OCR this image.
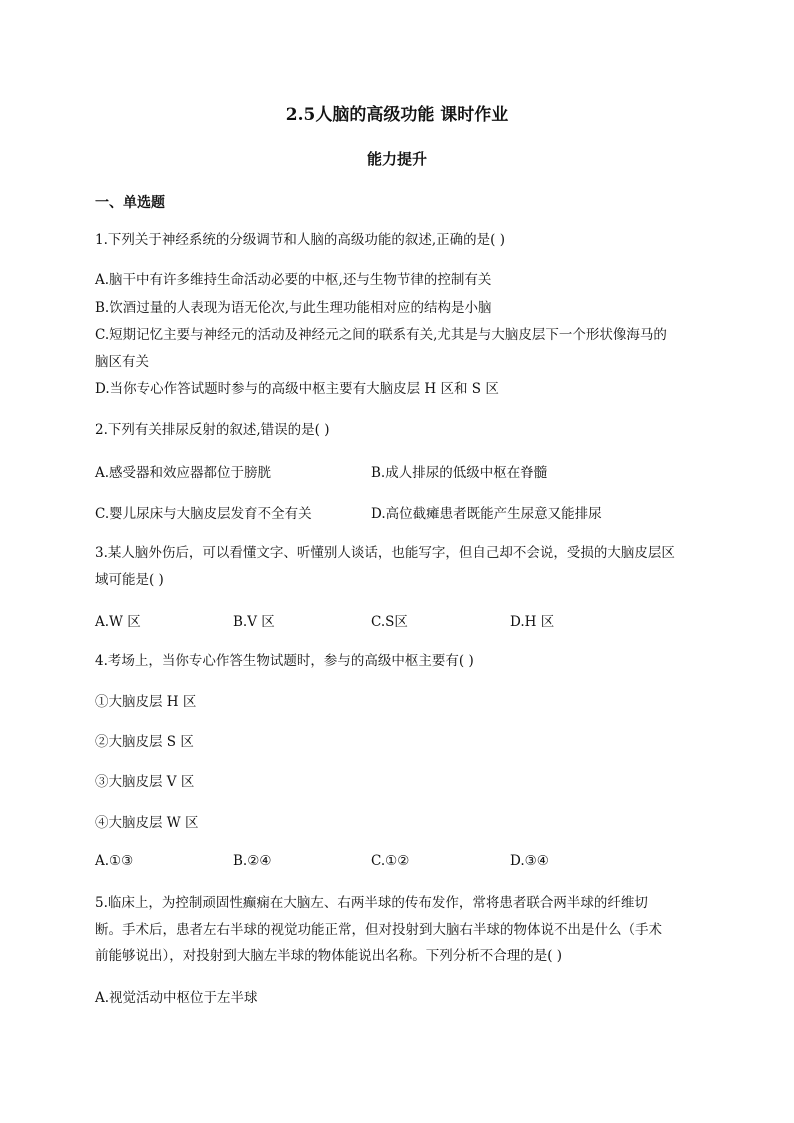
2.5人脑的高级功能 课时作业
能力提升
一、单选题
1.下列关于神经系统的分级调节和人脑的高级功能的叙述,正确的是( )
A.脑干中有许多维持生命活动必要的中枢,还与生物节律的控制有关
B.饮酒过量的人表现为语无伦次,与此生理功能相对应的结构是小脑
C.短期记忆主要与神经元的活动及神经元之间的联系有关,尤其是与大脑皮层下一个形状像海马的
脑区有关
D.当你专心作答试题时参与的高级中枢主要有大脑皮层 H 区和 S 区
2.下列有关排尿反射的叙述,错误的是( )
A.感受器和效应器都位于膀胱	B.成人排尿的低级中枢在脊髓
C.婴儿尿床与大脑皮层发育不全有关	D.高位截瘫患者既能产生尿意又能排尿
3.某人脑外伤后，可以看懂文字、听懂别人谈话，也能写字，但自己却不会说，受损的大脑皮层区
域可能是( )
A.W 区	B.V 区	C.S区	D.H 区
4.考场上，当你专心作答生物试题时，参与的高级中枢主要有( )
①大脑皮层 H 区
②大脑皮层 S 区
③大脑皮层 V 区
④大脑皮层 W 区
A.①③	B.②④	C.①②	D.③④
5.临床上，为控制顽固性癫痫在大脑左、右两半球的传布发作，常将患者联合两半球的纤维切
断。手术后，患者左右半球的视觉功能正常，但对投射到大脑右半球的物体说不出是什么（手术
前能够说出），对投射到大脑左半球的物体能说出名称。下列分析不合理的是( )
A.视觉活动中枢位于左半球
